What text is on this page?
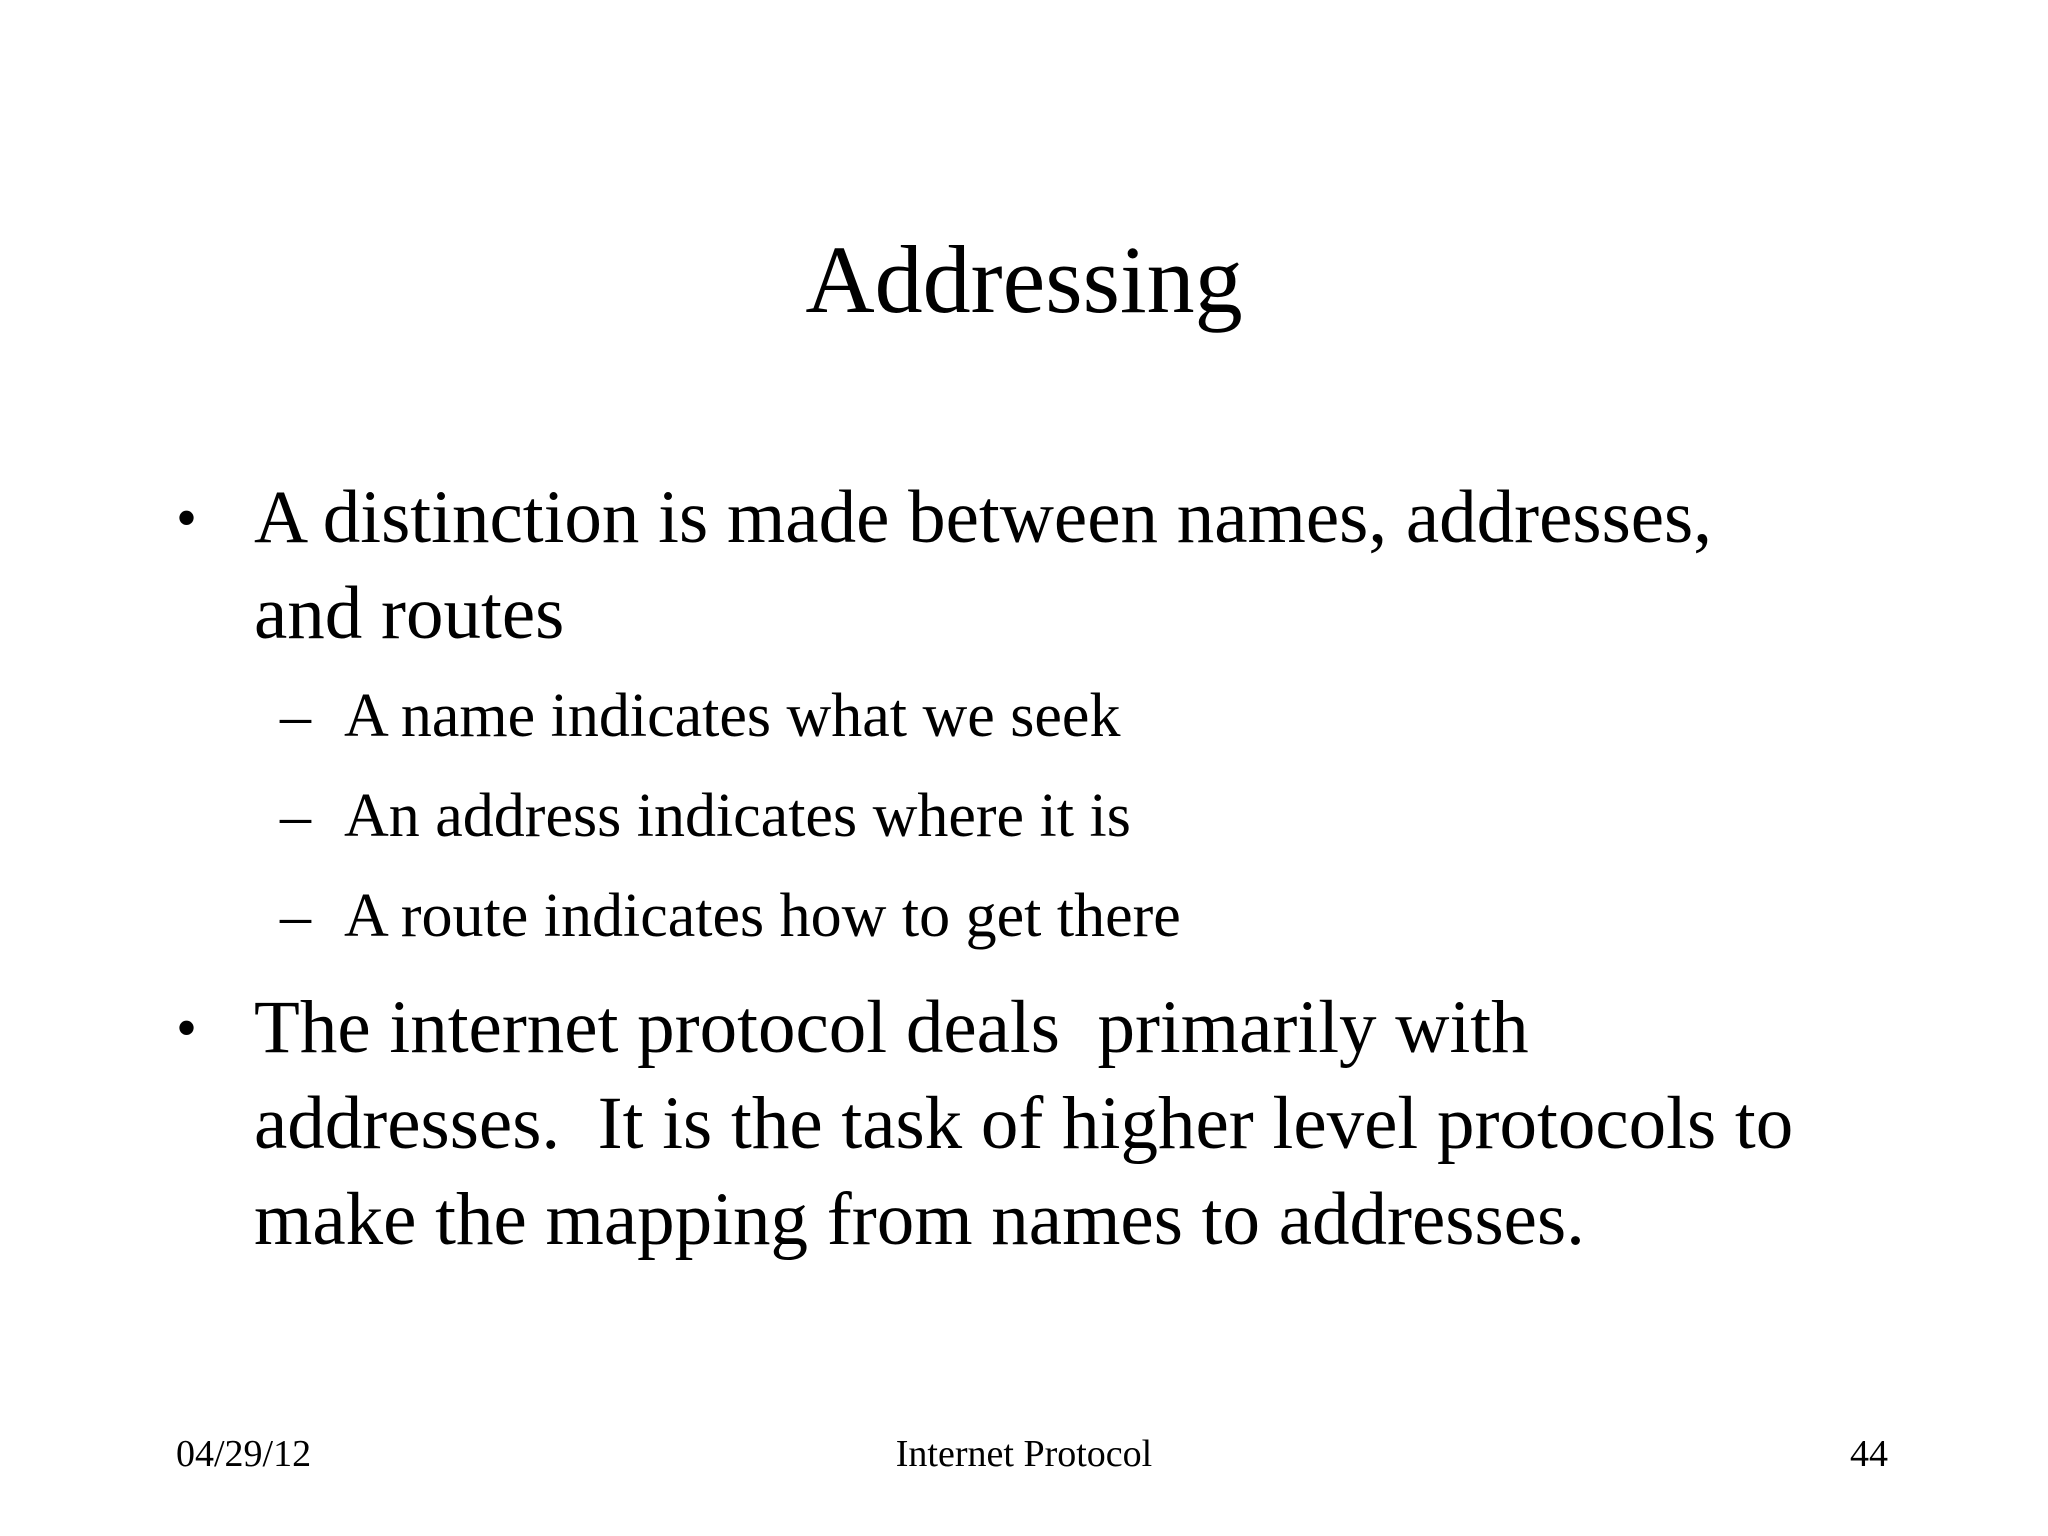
Addressing
• A distinction is made between names, addresses, and routes
– A name indicates what we seek
– An address indicates where it is
– A route indicates how to get there
• The internet protocol deals  primarily with addresses.  It is the task of higher level protocols to make the mapping from names to addresses.
04/29/12	Internet Protocol	44
